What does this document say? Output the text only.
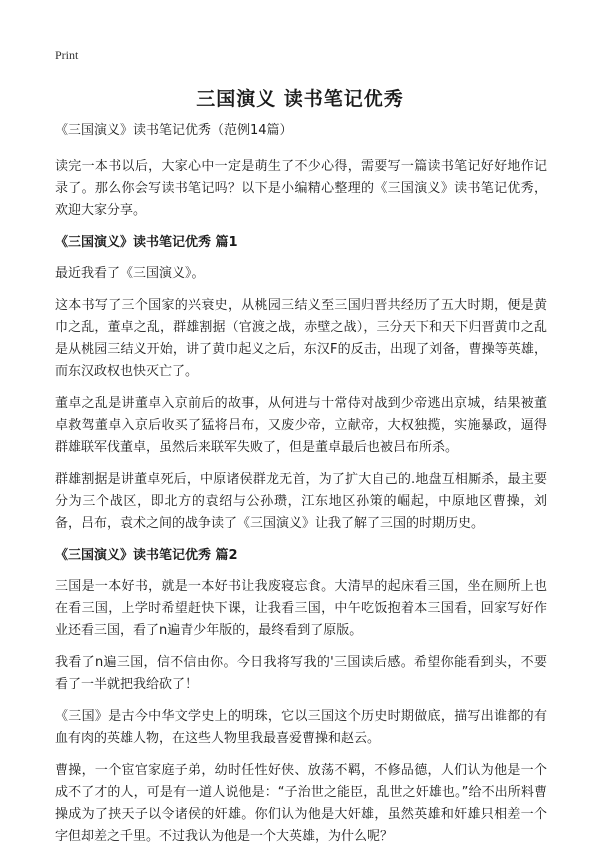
Print
三国演义 读书笔记优秀
《三国演义》读书笔记优秀（范例14篇）

读完一本书以后，大家心中一定是萌生了不少心得，需要写一篇读书笔记好好地作记录了。那么你会写读书笔记吗？以下是小编精心整理的《三国演义》读书笔记优秀，欢迎大家分享。

《三国演义》读书笔记优秀 篇1

最近我看了《三国演义》。

这本书写了三个国家的兴衰史，从桃园三结义至三国归晋共经历了五大时期，便是黄巾之乱，董卓之乱，群雄割据（官渡之战，赤壁之战），三分天下和天下归晋黄巾之乱是从桃园三结义开始，讲了黄巾起义之后，东汉F的反击，出现了刘备，曹操等英雄，而东汉政权也快灭亡了。

董卓之乱是讲董卓入京前后的故事，从何进与十常侍对战到少帝逃出京城，结果被董卓救驾董卓入京后收买了猛将吕布，又废少帝，立献帝，大权独揽，实施暴政，逼得群雄联军伐董卓，虽然后来联军失败了，但是董卓最后也被吕布所杀。

群雄割据是讲董卓死后，中原诸侯群龙无首，为了扩大自己的.地盘互相厮杀，最主要分为三个战区，即北方的袁绍与公孙瓒，江东地区孙策的崛起，中原地区曹操，刘备，吕布，袁术之间的战争读了《三国演义》让我了解了三国的时期历史。

《三国演义》读书笔记优秀 篇2

三国是一本好书，就是一本好书让我废寝忘食。大清早的起床看三国，坐在厕所上也在看三国，上学时希望赶快下课，让我看三国，中午吃饭抱着本三国看，回家写好作业还看三国，看了n遍青少年版的，最终看到了原版。

我看了n遍三国，信不信由你。今日我将写我的'三国读后感。希望你能看到头，不要看了一半就把我给砍了！

《三国》是古今中华文学史上的明珠，它以三国这个历史时期做底，描写出谁都的有血有肉的英雄人物，在这些人物里我最喜爱曹操和赵云。

曹操，一个宦官家庭子弟，幼时任性好侠、放荡不羁，不修品德，人们认为他是一个成不了才的人，可是有一道人说他是：“子治世之能臣，乱世之奸雄也。”给不出所料曹操成为了挟天子以令诸侯的奸雄。你们认为他是大奸雄，虽然英雄和奸雄只相差一个字但却差之千里。不过我认为他是一个大英雄，为什么呢？
